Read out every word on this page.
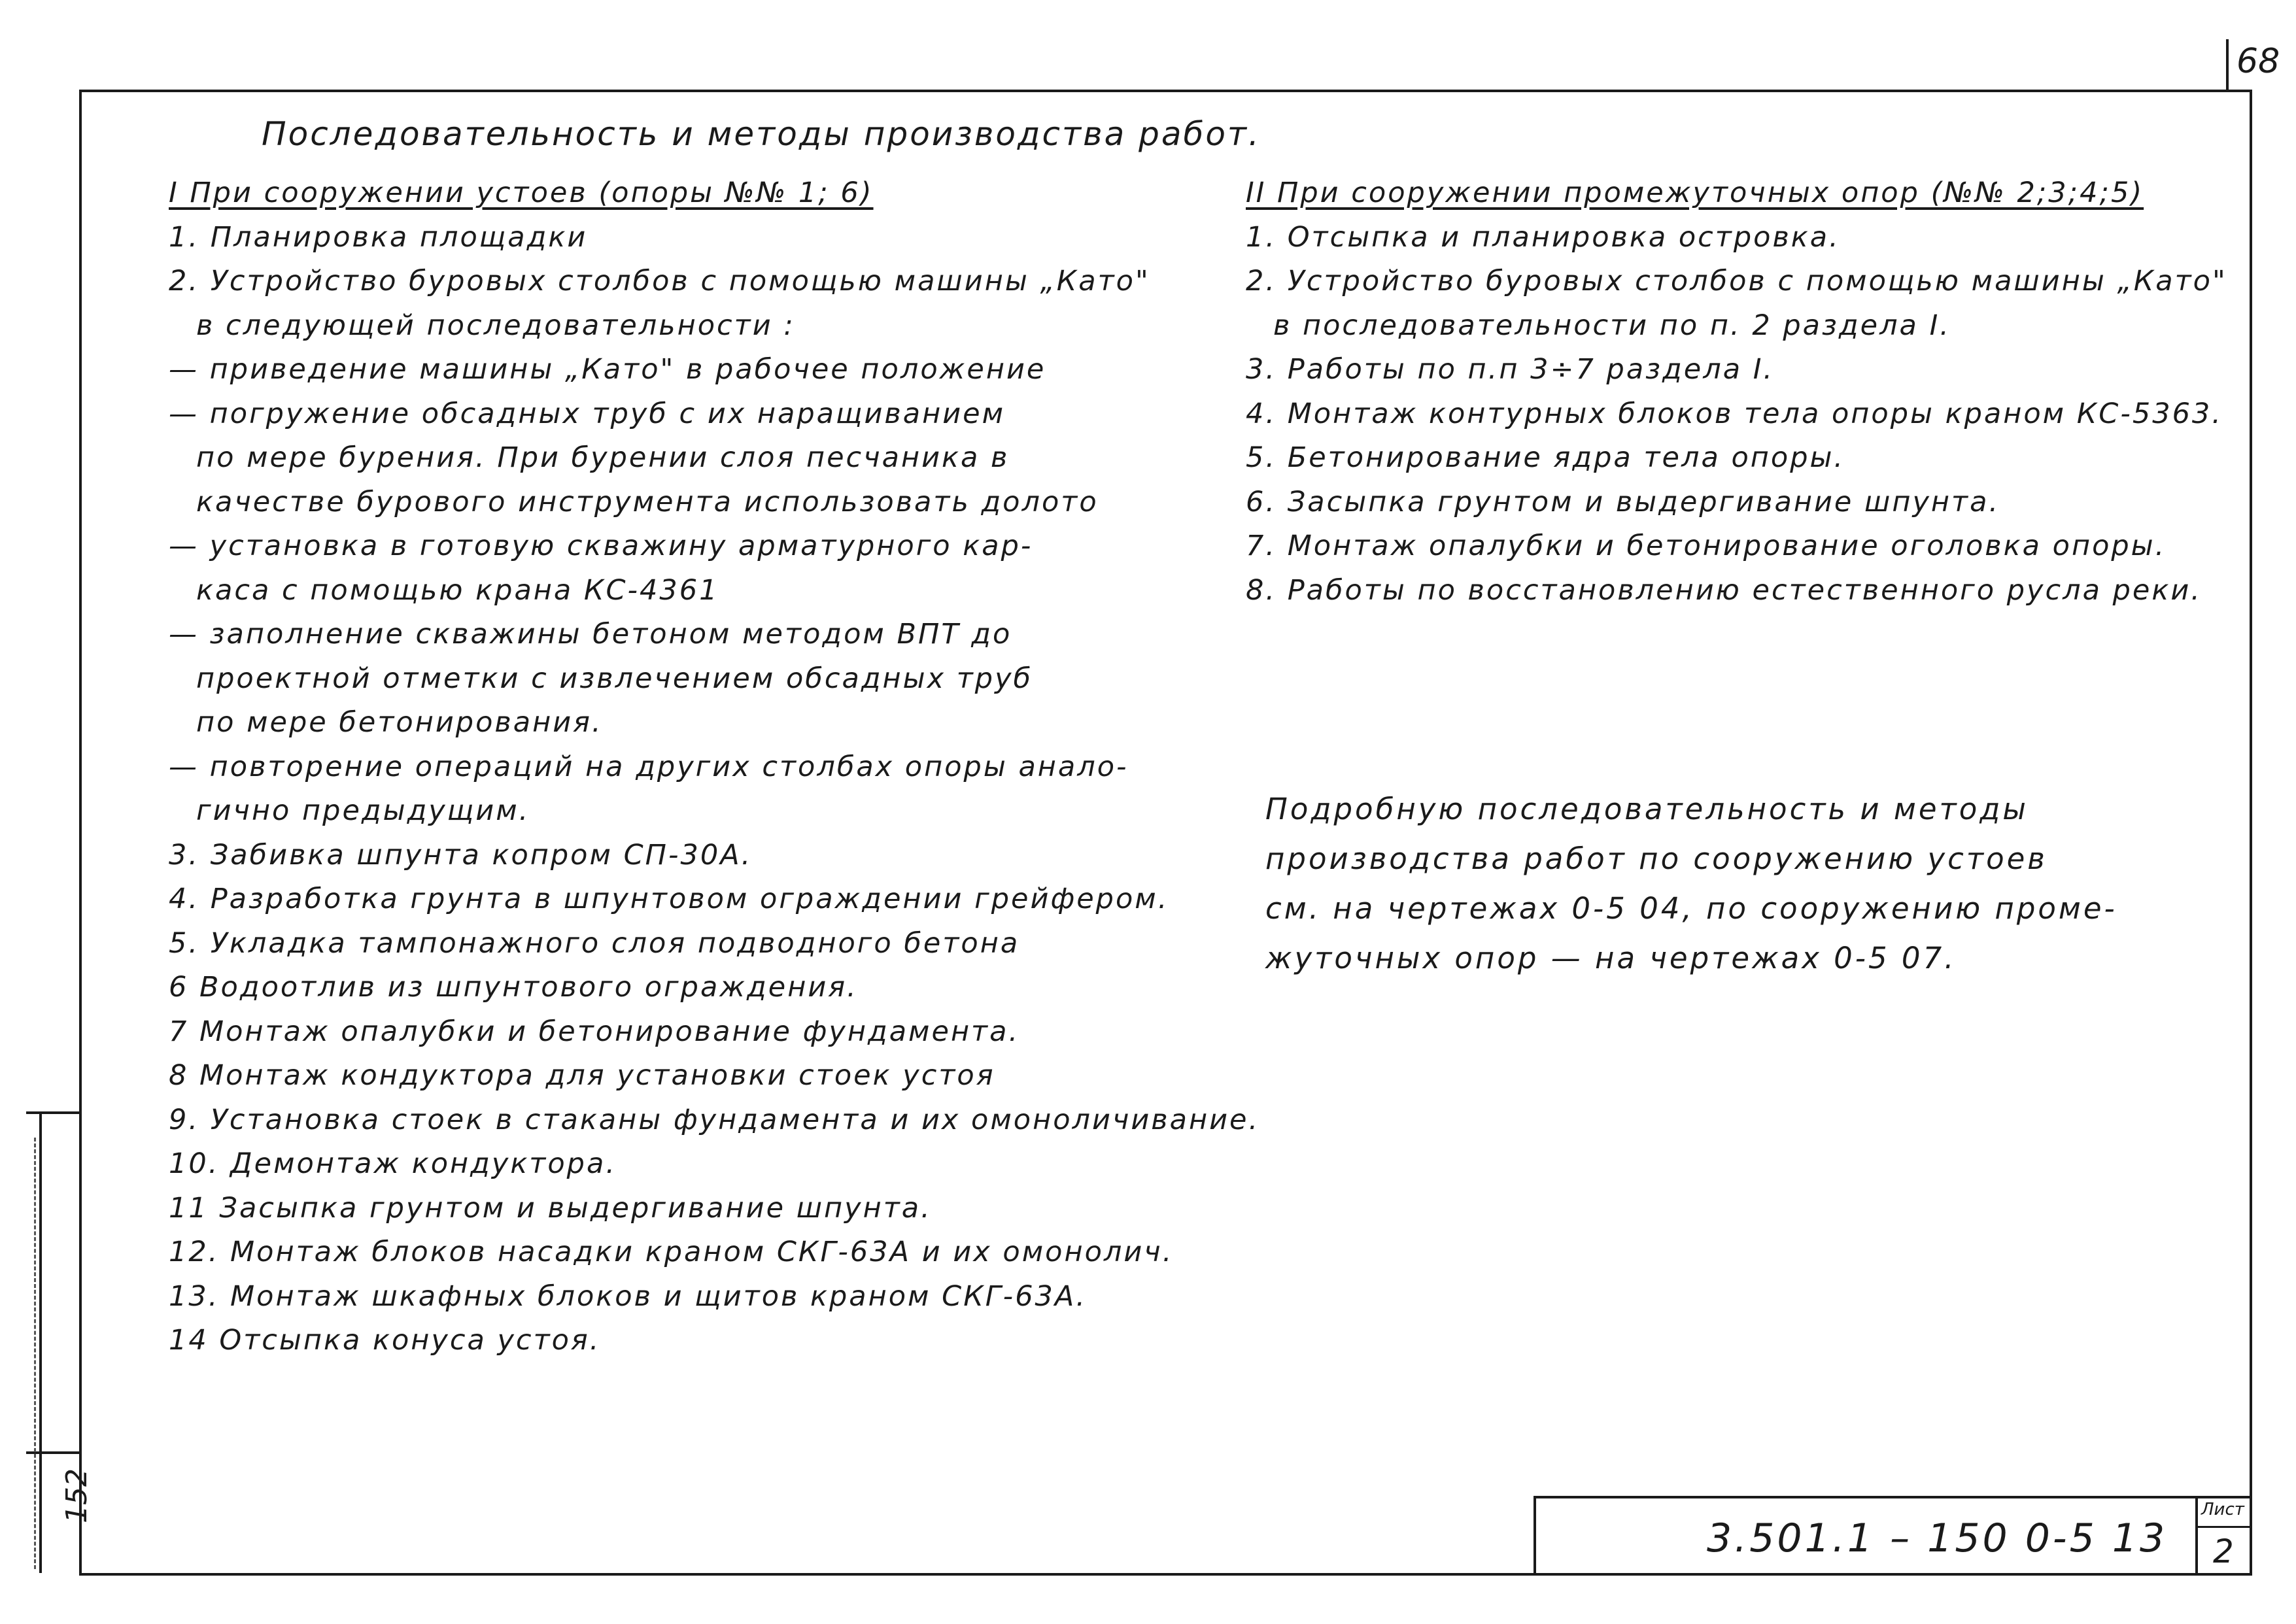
68
152
Последовательность и методы производства работ.
I При сооружении устоев (опоры №№ 1; 6)
1. Планировка площадки
2. Устройство буровых столбов с помощью машины „Като"
в следующей последовательности :
— приведение машины „Като" в рабочее положение
— погружение обсадных труб с их наращиванием
по мере бурения. При бурении слоя песчаника в
качестве бурового инструмента использовать долото
— установка в готовую скважину арматурного кар-
каса с помощью крана КС-4361
— заполнение скважины бетоном методом ВПТ до
проектной отметки с извлечением обсадных труб
по мере бетонирования.
— повторение операций на других столбах опоры анало-
гично предыдущим.
3. Забивка шпунта копром СП-30А.
4. Разработка грунта в шпунтовом ограждении грейфером.
5. Укладка тампонажного слоя подводного бетона
6 Водоотлив из шпунтового ограждения.
7 Монтаж опалубки и бетонирование фундамента.
8 Монтаж кондуктора для установки стоек устоя
9. Установка стоек в стаканы фундамента и их омоноличивание.
10. Демонтаж кондуктора.
11 Засыпка грунтом и выдергивание шпунта.
12. Монтаж блоков насадки краном СКГ-63А и их омонолич.
13. Монтаж шкафных блоков и щитов краном СКГ-63А.
14 Отсыпка конуса устоя.
II При сооружении промежуточных опор (№№ 2;3;4;5)
1. Отсыпка и планировка островка.
2. Устройство буровых столбов с помощью машины „Като"
в последовательности по п. 2 раздела I.
3. Работы по п.п 3÷7 раздела I.
4. Монтаж контурных блоков тела опоры краном КС-5363.
5. Бетонирование ядра тела опоры.
6. Засыпка грунтом и выдергивание шпунта.
7. Монтаж опалубки и бетонирование оголовка опоры.
8. Работы по восстановлению естественного русла реки.
Подробную последовательность и методы
производства работ по сооружению устоев
см. на чертежах 0-5 04, по сооружению проме-
жуточных опор — на чертежах 0-5 07.
3.501.1 – 150 0-5 13
Лист
2
